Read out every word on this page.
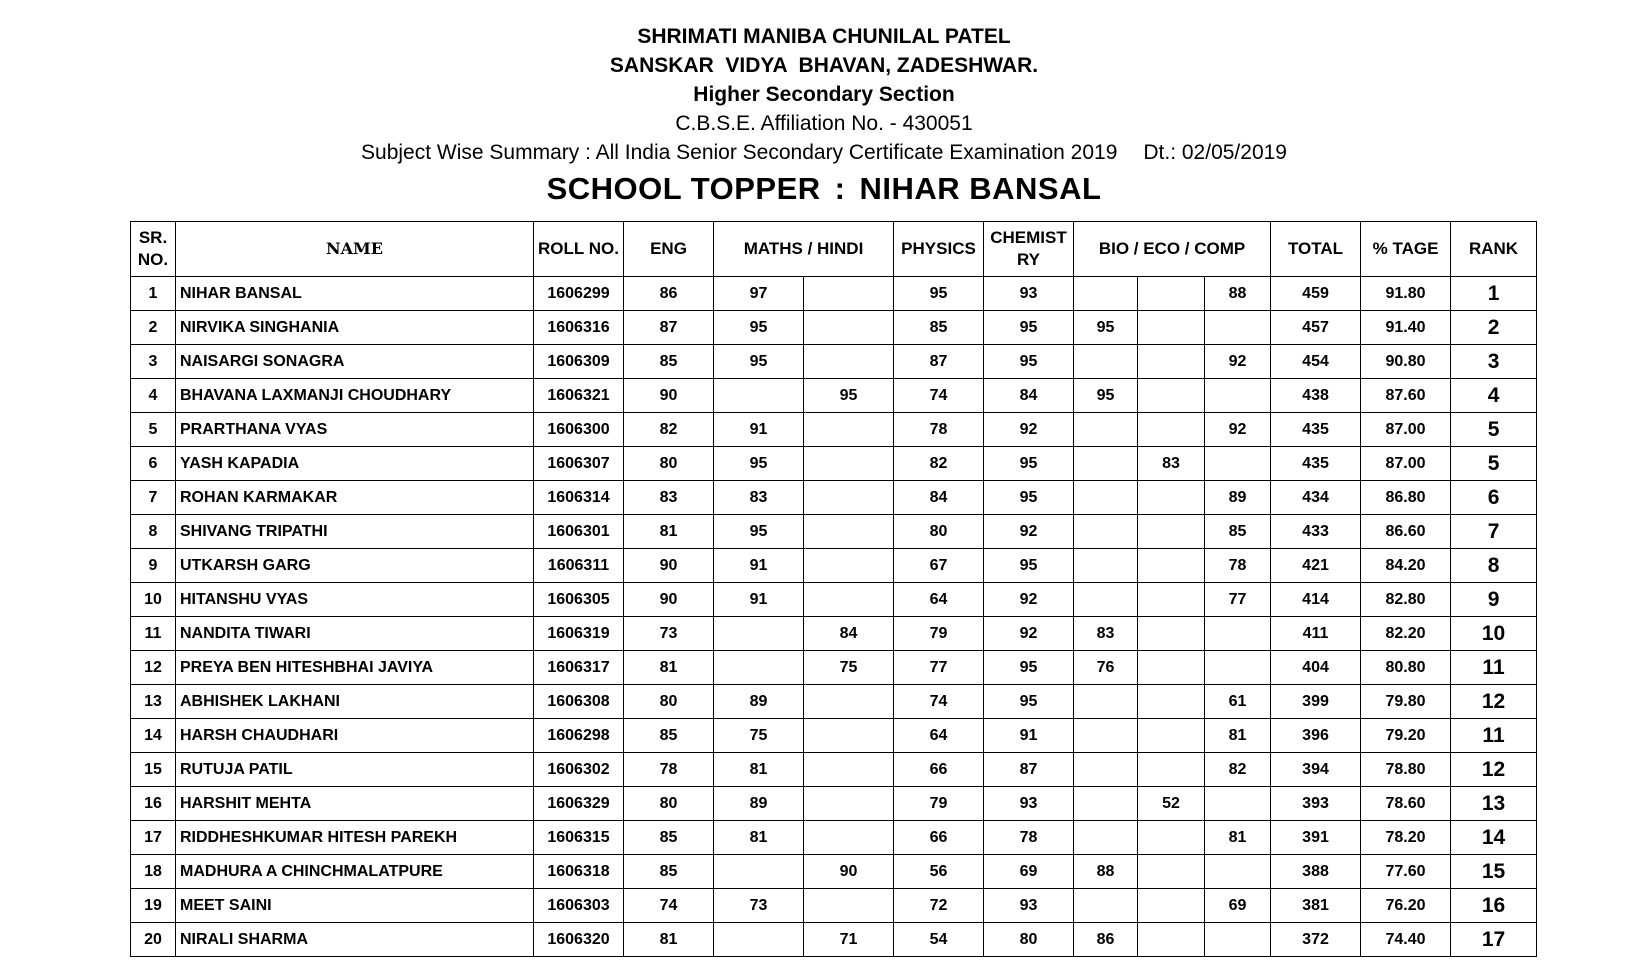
SHRIMATI MANIBA CHUNILAL PATEL
SANSKAR  VIDYA  BHAVAN, ZADESHWAR.
Higher Secondary Section
C.B.S.E. Affiliation No. - 430051
Subject Wise Summary : All India Senior Secondary Certificate Examination 2019 Dt.: 02/05/2019
SCHOOL TOPPER : NIHAR BANSAL
SR. NO.	NAME	ROLL NO.	ENG	MATHS / HINDI		PHYSICS	CHEMIST RY	BIO / ECO / COMP			TOTAL	% TAGE	RANK
1	NIHAR BANSAL	1606299	86	97		95	93			88	459	91.80	1
2	NIRVIKA SINGHANIA	1606316	87	95		85	95	95			457	91.40	2
3	NAISARGI SONAGRA	1606309	85	95		87	95			92	454	90.80	3
4	BHAVANA LAXMANJI CHOUDHARY	1606321	90		95	74	84	95			438	87.60	4
5	PRARTHANA VYAS	1606300	82	91		78	92			92	435	87.00	5
6	YASH KAPADIA	1606307	80	95		82	95		83		435	87.00	5
7	ROHAN KARMAKAR	1606314	83	83		84	95			89	434	86.80	6
8	SHIVANG TRIPATHI	1606301	81	95		80	92			85	433	86.60	7
9	UTKARSH GARG	1606311	90	91		67	95			78	421	84.20	8
10	HITANSHU VYAS	1606305	90	91		64	92			77	414	82.80	9
11	NANDITA TIWARI	1606319	73		84	79	92	83			411	82.20	10
12	PREYA BEN HITESHBHAI JAVIYA	1606317	81		75	77	95	76			404	80.80	11
13	ABHISHEK LAKHANI	1606308	80	89		74	95			61	399	79.80	12
14	HARSH CHAUDHARI	1606298	85	75		64	91			81	396	79.20	11
15	RUTUJA PATIL	1606302	78	81		66	87			82	394	78.80	12
16	HARSHIT MEHTA	1606329	80	89		79	93		52		393	78.60	13
17	RIDDHESHKUMAR HITESH PAREKH	1606315	85	81		66	78			81	391	78.20	14
18	MADHURA A CHINCHMALATPURE	1606318	85		90	56	69	88			388	77.60	15
19	MEET SAINI	1606303	74	73		72	93			69	381	76.20	16
20	NIRALI SHARMA	1606320	81		71	54	80	86			372	74.40	17
